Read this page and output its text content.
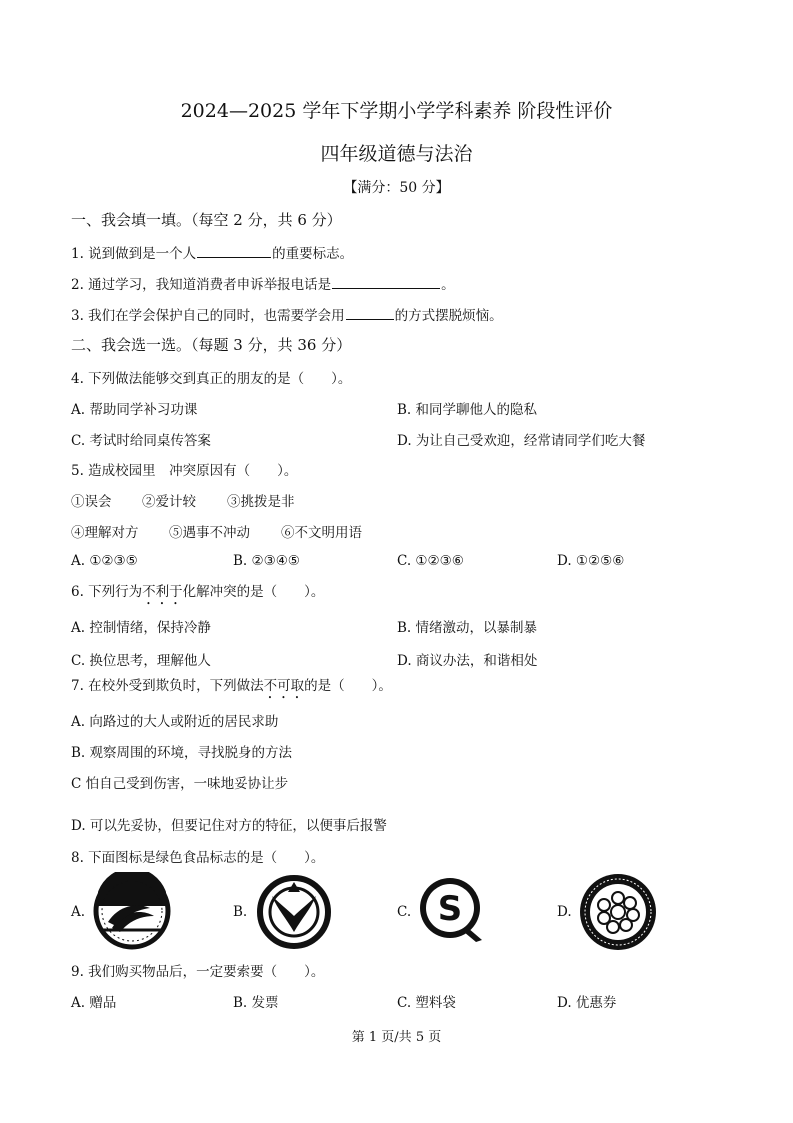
2024—2025 学年下学期小学学科素养 阶段性评价
四年级道德与法治
【满分：50 分】
一、我会填一填。（每空 2 分，共 6 分）
1. 说到做到是一个人	的重要标志。
2. 通过学习，我知道消费者申诉举报电话是	。
3. 我们在学会保护自己的同时，也需要学会用	的方式摆脱烦恼。
二、我会选一选。（每题 3 分，共 36 分）
4. 下列做法能够交到真正的朋友的是（　　）。
A. 帮助同学补习功课	B. 和同学聊他人的隐私
C. 考试时给同桌传答案	D. 为让自己受欢迎，经常请同学们吃大餐
5. 造成校园里　冲突原因有（　　）。
①误会 ②爱计较 ③挑拨是非
④理解对方 ⑤遇事不冲动 ⑥不文明用语
A. ①②③⑤	B. ②③④⑤	C. ①②③⑥	D. ①②⑤⑥
6. 下列行为不利于化解冲突的是（　　）。
A. 控制情绪，保持冷静	B. 情绪激动，以暴制暴
C. 换位思考，理解他人	D. 商议办法，和谐相处
7. 在校外受到欺负时，下列做法不可取的是（　　）。
A. 向路过的大人或附近的居民求助
B. 观察周围的环境，寻找脱身的方法
C 怕自己受到伤害，一味地妥协让步
D. 可以先妥协，但要记住对方的特征，以便事后报警
8. 下面图标是绿色食品标志的是（　　）。
A.	B.	C. S	D.
9. 我们购买物品后，一定要索要（　　）。
A. 赠品	B. 发票	C. 塑料袋	D. 优惠券
第 1 页/共 5 页
